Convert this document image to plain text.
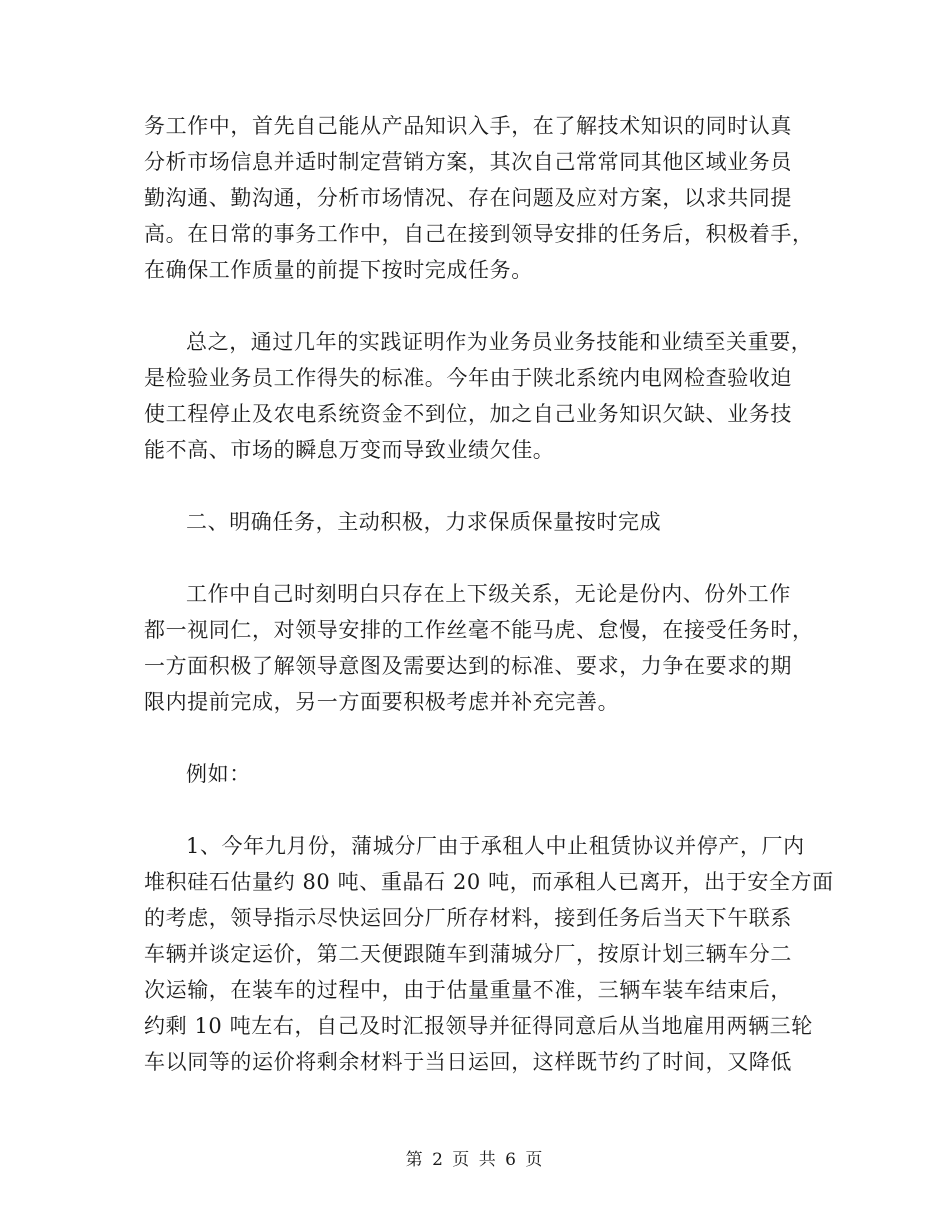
务工作中，首先自己能从产品知识入手，在了解技术知识的同时认真
分析市场信息并适时制定营销方案，其次自己常常同其他区域业务员
勤沟通、勤沟通，分析市场情况、存在问题及应对方案，以求共同提
高。在日常的事务工作中，自己在接到领导安排的任务后，积极着手，
在确保工作质量的前提下按时完成任务。

总之，通过几年的实践证明作为业务员业务技能和业绩至关重要，
是检验业务员工作得失的标准。今年由于陕北系统内电网检查验收迫
使工程停止及农电系统资金不到位，加之自己业务知识欠缺、业务技
能不高、市场的瞬息万变而导致业绩欠佳。

二、明确任务，主动积极，力求保质保量按时完成

工作中自己时刻明白只存在上下级关系，无论是份内、份外工作
都一视同仁，对领导安排的工作丝毫不能马虎、怠慢，在接受任务时，
一方面积极了解领导意图及需要达到的标准、要求，力争在要求的期
限内提前完成，另一方面要积极考虑并补充完善。

例如：

1、今年九月份，蒲城分厂由于承租人中止租赁协议并停产，厂内
堆积硅石估量约 80 吨、重晶石 20 吨，而承租人已离开，出于安全方面
的考虑，领导指示尽快运回分厂所存材料，接到任务后当天下午联系
车辆并谈定运价，第二天便跟随车到蒲城分厂，按原计划三辆车分二
次运输，在装车的过程中，由于估量重量不准，三辆车装车结束后，
约剩 10 吨左右，自己及时汇报领导并征得同意后从当地雇用两辆三轮
车以同等的运价将剩余材料于当日运回，这样既节约了时间，又降低

第 2 页 共 6 页
